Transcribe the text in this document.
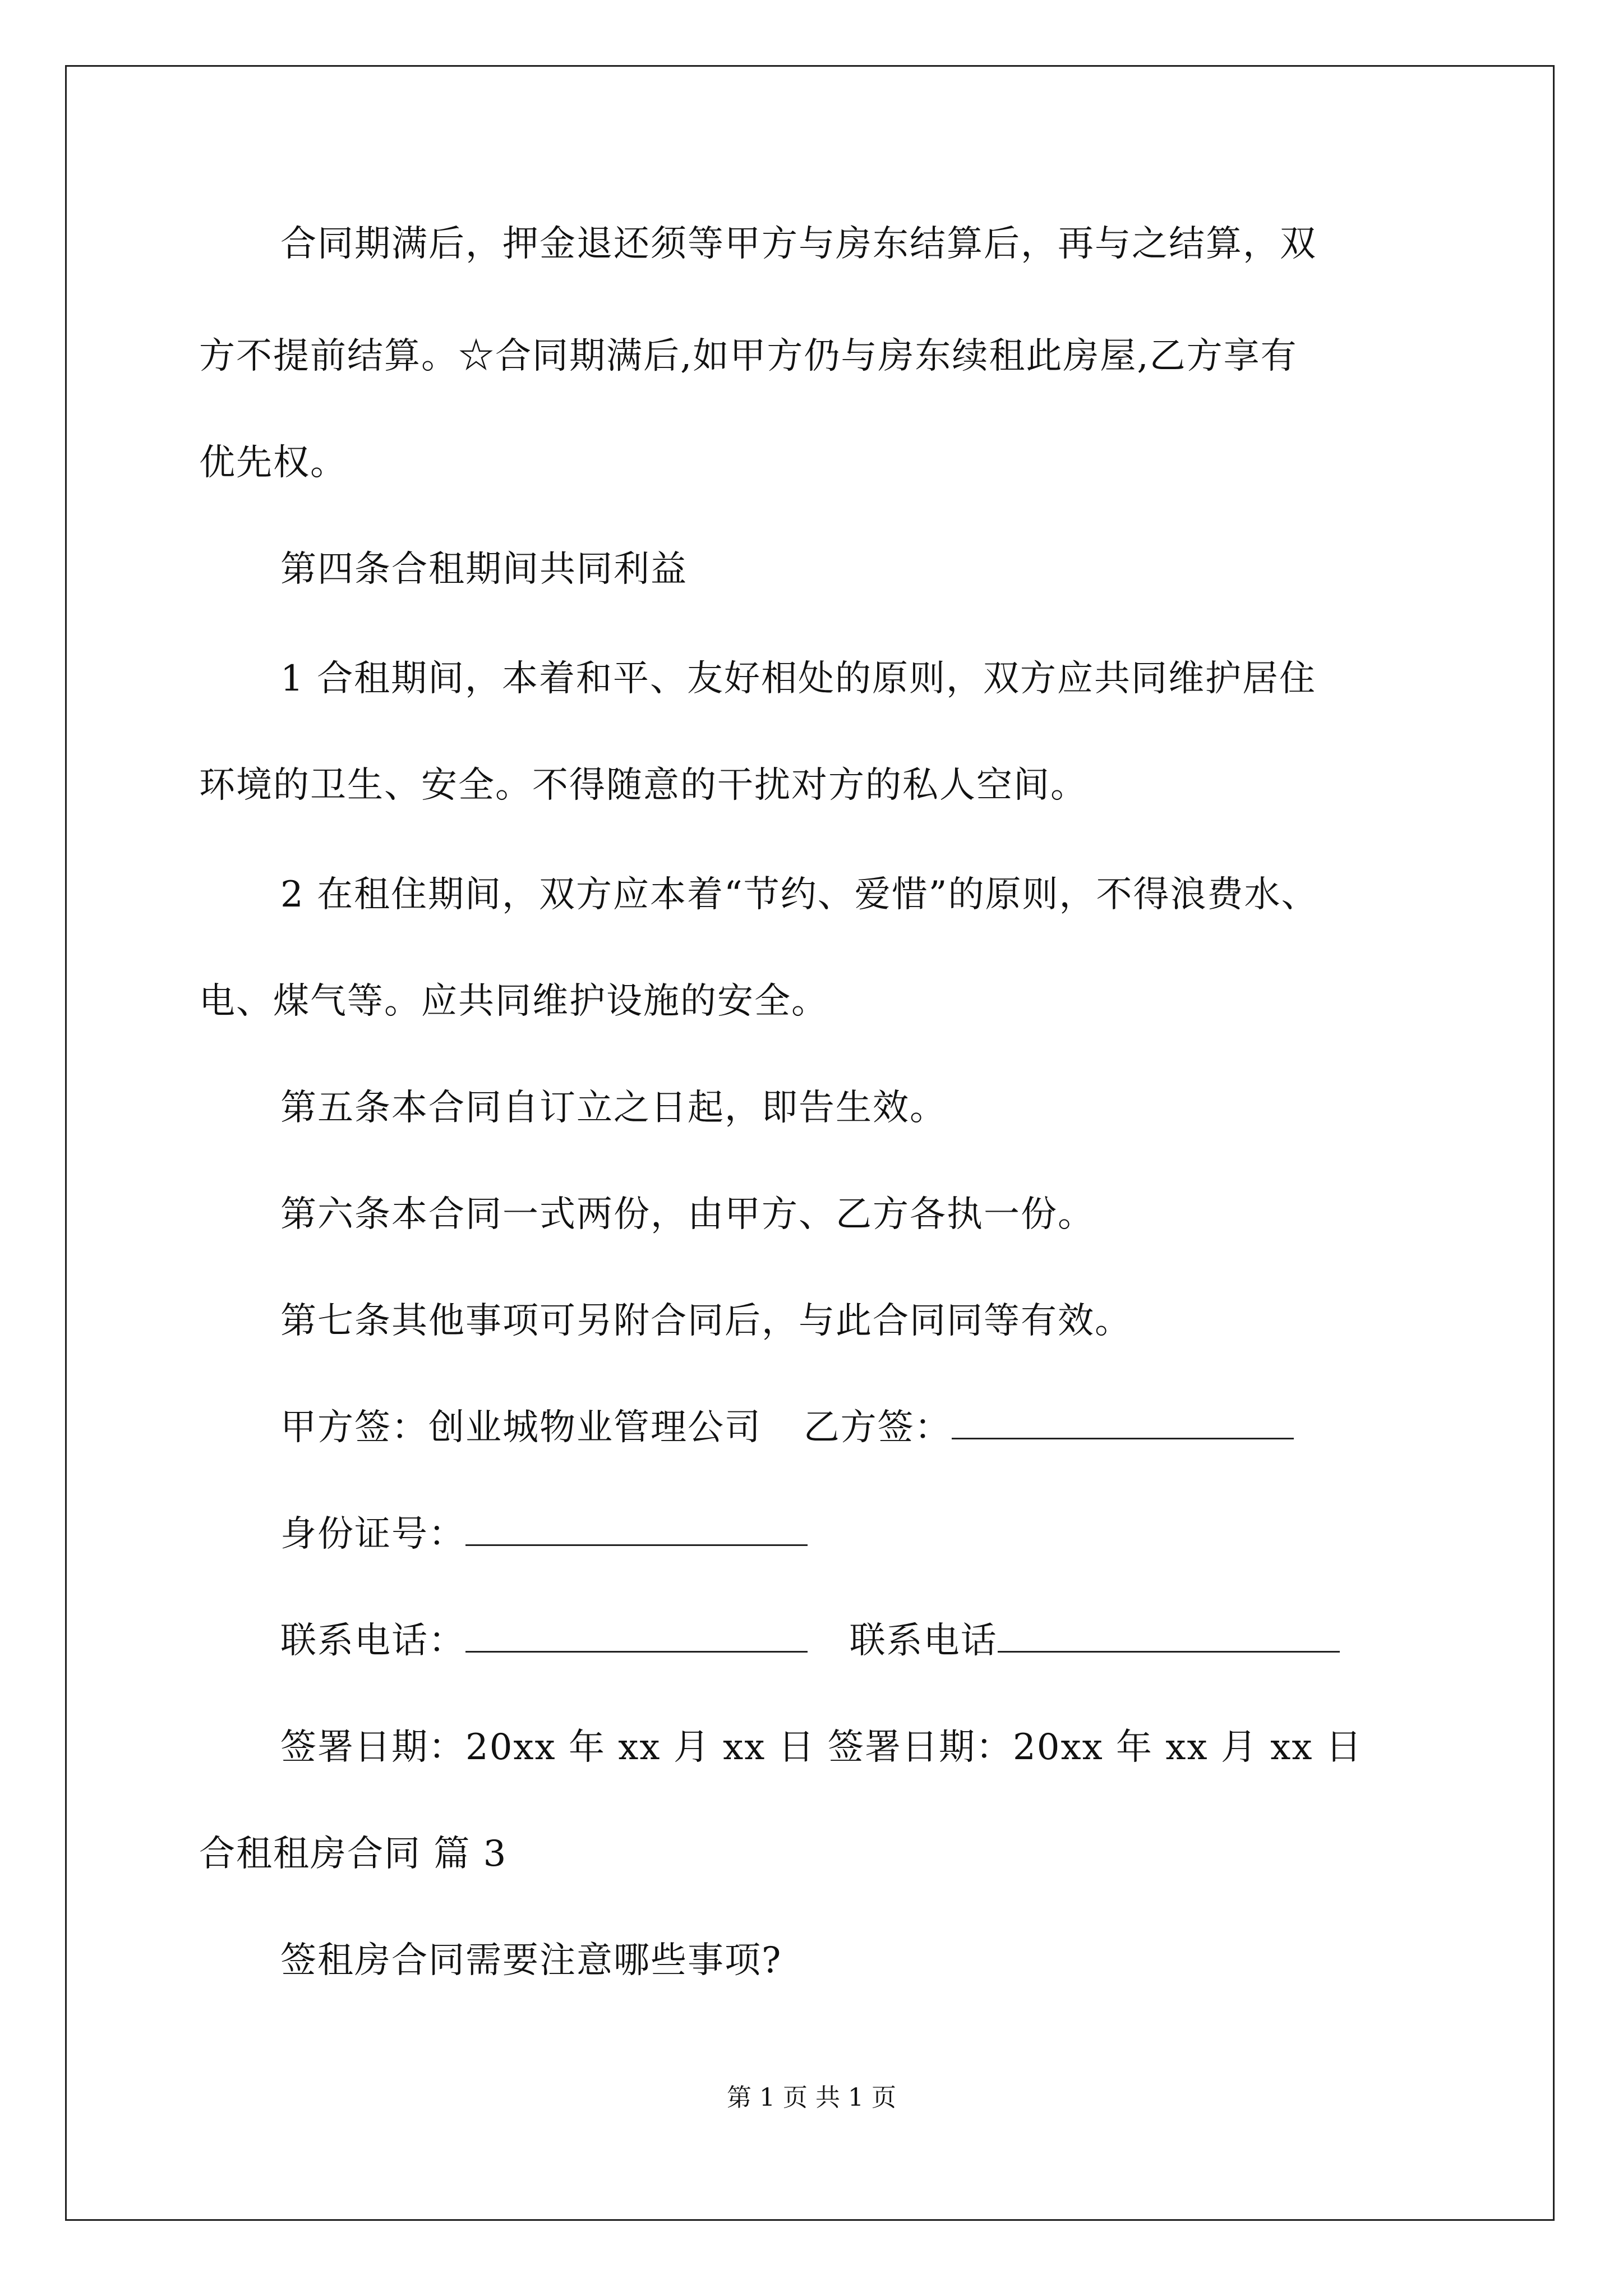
合同期满后，押金退还须等甲方与房东结算后，再与之结算，双
方不提前结算。☆合同期满后,如甲方仍与房东续租此房屋,乙方享有
优先权。
第四条合租期间共同利益
1 合租期间，本着和平、友好相处的原则，双方应共同维护居住
环境的卫生、安全。不得随意的干扰对方的私人空间。
2 在租住期间，双方应本着“节约、爱惜”的原则，不得浪费水、
电、煤气等。应共同维护设施的安全。
第五条本合同自订立之日起，即告生效。
第六条本合同一式两份，由甲方、乙方各执一份。
第七条其他事项可另附合同后，与此合同同等有效。
甲方签：创业城物业管理公司 乙方签：
身份证号：
联系电话：	联系电话
签署日期：20xx 年 xx 月 xx 日 签署日期：20xx 年 xx 月 xx 日
合租租房合同 篇 3
签租房合同需要注意哪些事项?
第 1 页 共 1 页
